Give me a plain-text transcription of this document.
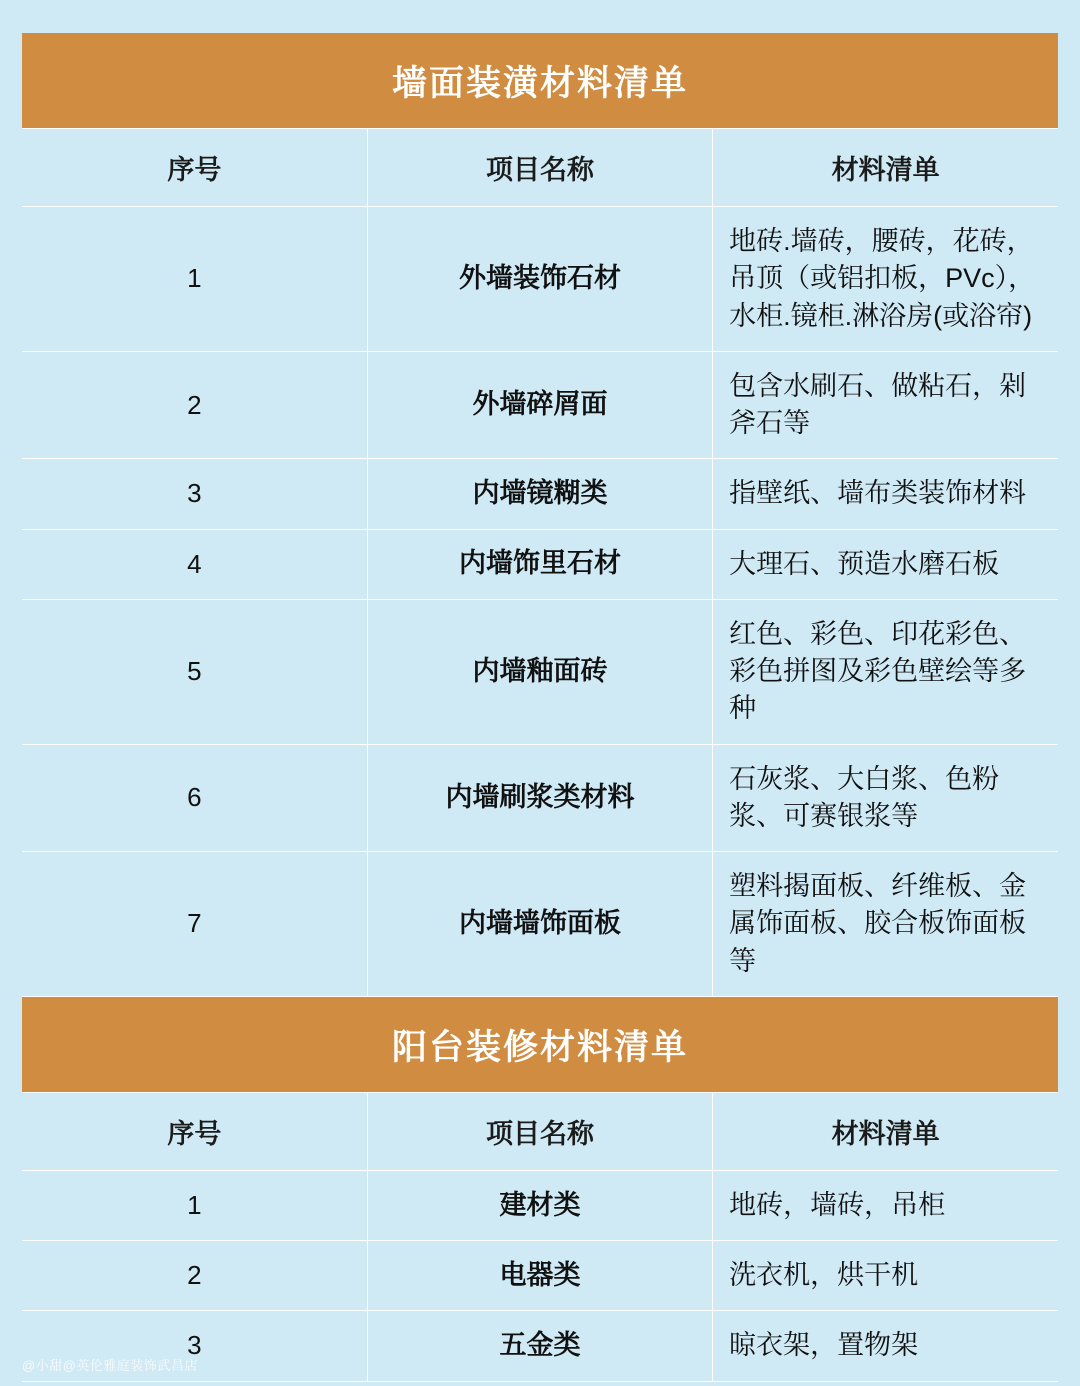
墙面装潢材料清单		
序号	项目名称	材料清单
1	外墙装饰石材	地砖.墙砖，腰砖，花砖，吊顶（或铝扣板，PVc），水柜.镜柜.淋浴房(或浴帘)
2	外墙碎屑面	包含水刷石、做粘石，剁斧石等
3	内墙镜糊类	指壁纸、墙布类装饰材料
4	内墙饰里石材	大理石、预造水磨石板
5	内墙釉面砖	红色、彩色、印花彩色、彩色拼图及彩色壁绘等多种
6	内墙刷浆类材料	石灰浆、大白浆、色粉浆、可赛银浆等
7	内墙墙饰面板	塑料揭面板、纤维板、金属饰面板、胶合板饰面板等
阳台装修材料清单		
序号	项目名称	材料清单
1	建材类	地砖，墙砖，吊柜
2	电器类	洗衣机，烘干机
3	五金类	晾衣架，置物架
@小甜@英伦雅庭装饰武昌店
